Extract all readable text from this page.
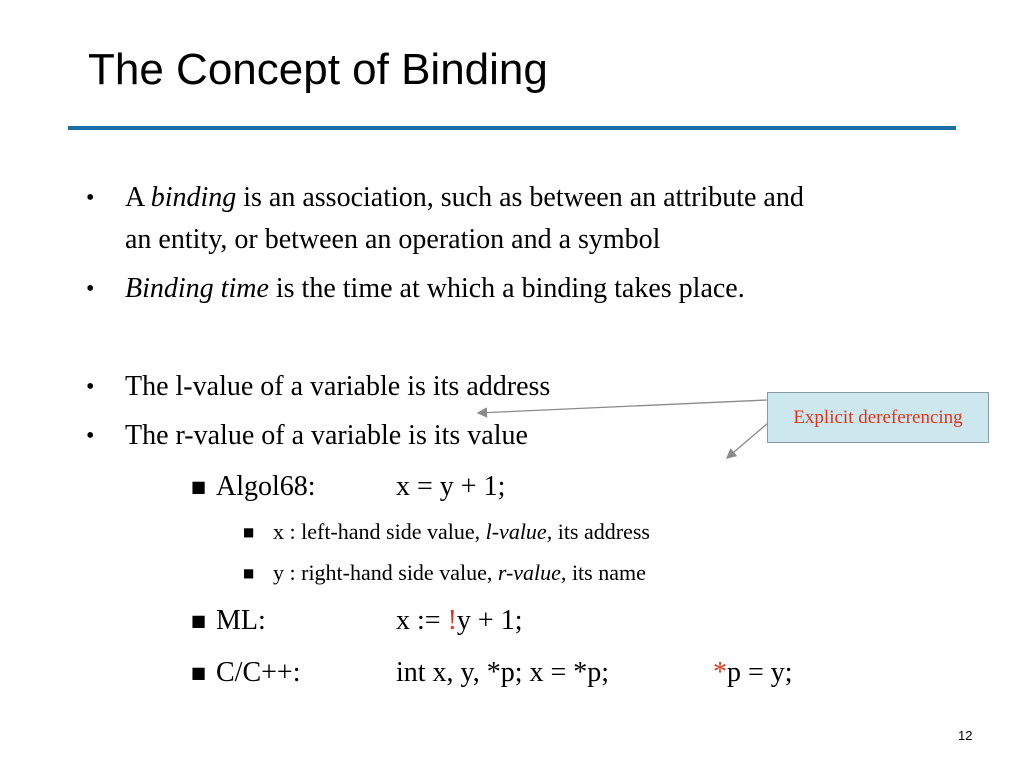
The Concept of Binding
• A binding is an association, such as between an attribute and
an entity, or between an operation and a symbol
• Binding time is the time at which a binding takes place.
• The l-value of a variable is its address
• The r-value of a variable is its value
■ Algol68:	x = y + 1;
■ x : left-hand side value, l-value, its address
■ y : right-hand side value, r-value, its name
■ ML:	x := !y + 1;
■ C/C++:	int x, y, *p; x = *p;	*p = y;
Explicit dereferencing
12
